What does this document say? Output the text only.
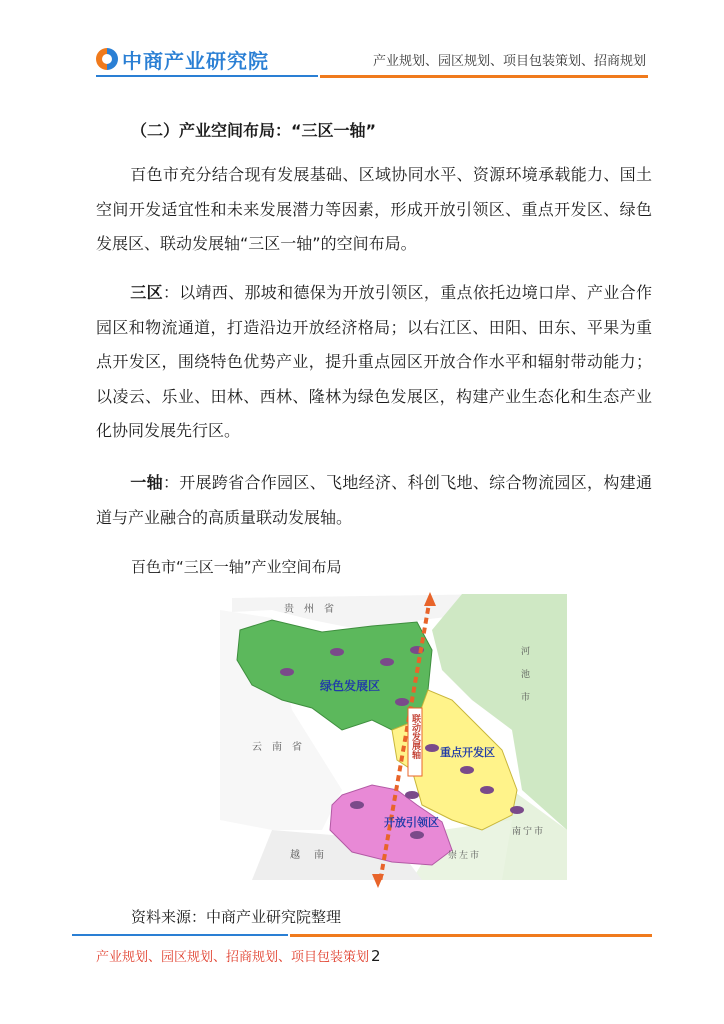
中商产业研究院	产业规划、园区规划、项目包装策划、招商规划
（二）产业空间布局：“三区一轴”
百色市充分结合现有发展基础、区域协同水平、资源环境承载能力、国土空间开发适宜性和未来发展潜力等因素，形成开放引领区、重点开发区、绿色发展区、联动发展轴“三区一轴”的空间布局。
三区：以靖西、那坡和德保为开放引领区，重点依托边境口岸、产业合作园区和物流通道，打造沿边开放经济格局；以右江区、田阳、田东、平果为重点开发区，围绕特色优势产业，提升重点园区开放合作水平和辐射带动能力；以凌云、乐业、田林、西林、隆林为绿色发展区，构建产业生态化和生态产业化协同发展先行区。
一轴：开展跨省合作园区、飞地经济、科创飞地、综合物流园区，构建通道与产业融合的高质量联动发展轴。
百色市“三区一轴”产业空间布局
联动发展轴
绿色发展区
重点开发区
开放引领区
贵州省
云南省
越南
河池市
南宁市
崇左市
资料来源：中商产业研究院整理
产业规划、园区规划、招商规划、项目包装策划 2
